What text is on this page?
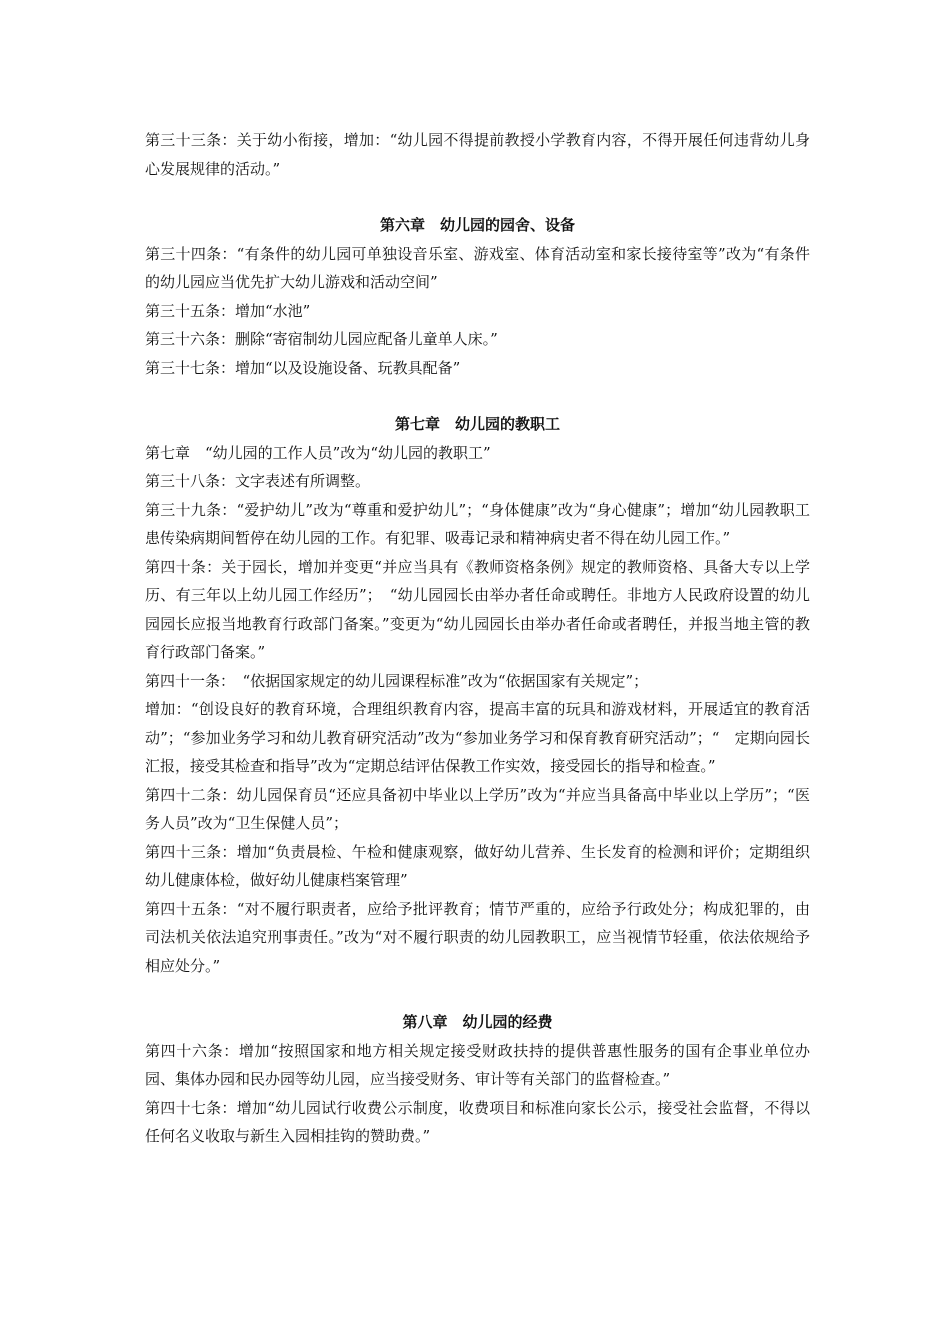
第三十三条：关于幼小衔接，增加：“幼儿园不得提前教授小学教育内容，不得开展任何违背幼儿身心发展规律的活动。”

第六章　幼儿园的园舍、设备

第三十四条：“有条件的幼儿园可单独设音乐室、游戏室、体育活动室和家长接待室等”改为“有条件的幼儿园应当优先扩大幼儿游戏和活动空间”

第三十五条：增加“水池”

第三十六条：删除“寄宿制幼儿园应配备儿童单人床。”

第三十七条：增加“以及设施设备、玩教具配备”

第七章　幼儿园的教职工

第七章　“幼儿园的工作人员”改为“幼儿园的教职工”

第三十八条：文字表述有所调整。

第三十九条：“爱护幼儿”改为“尊重和爱护幼儿”；“身体健康”改为“身心健康”；增加“幼儿园教职工患传染病期间暂停在幼儿园的工作。有犯罪、吸毒记录和精神病史者不得在幼儿园工作。”

第四十条：关于园长，增加并变更“并应当具有《教师资格条例》规定的教师资格、具备大专以上学历、有三年以上幼儿园工作经历”；　“幼儿园园长由举办者任命或聘任。非地方人民政府设置的幼儿园园长应报当地教育行政部门备案。”变更为“幼儿园园长由举办者任命或者聘任，并报当地主管的教育行政部门备案。”

第四十一条：　“依据国家规定的幼儿园课程标准”改为“依据国家有关规定”；

增加：“创设良好的教育环境，合理组织教育内容，提高丰富的玩具和游戏材料，开展适宜的教育活动”；“参加业务学习和幼儿教育研究活动”改为“参加业务学习和保育教育研究活动”；“　定期向园长汇报，接受其检查和指导”改为“定期总结评估保教工作实效，接受园长的指导和检查。”

第四十二条：幼儿园保育员“还应具备初中毕业以上学历”改为“并应当具备高中毕业以上学历”；“医务人员”改为“卫生保健人员”；

第四十三条：增加“负责晨检、午检和健康观察，做好幼儿营养、生长发育的检测和评价；定期组织幼儿健康体检，做好幼儿健康档案管理”

第四十五条：“对不履行职责者，应给予批评教育；情节严重的，应给予行政处分；构成犯罪的，由司法机关依法追究刑事责任。”改为“对不履行职责的幼儿园教职工，应当视情节轻重，依法依规给予相应处分。”

第八章　幼儿园的经费

第四十六条：增加“按照国家和地方相关规定接受财政扶持的提供普惠性服务的国有企事业单位办园、集体办园和民办园等幼儿园，应当接受财务、审计等有关部门的监督检查。”

第四十七条：增加“幼儿园试行收费公示制度，收费项目和标准向家长公示，接受社会监督，不得以任何名义收取与新生入园相挂钩的赞助费。”
